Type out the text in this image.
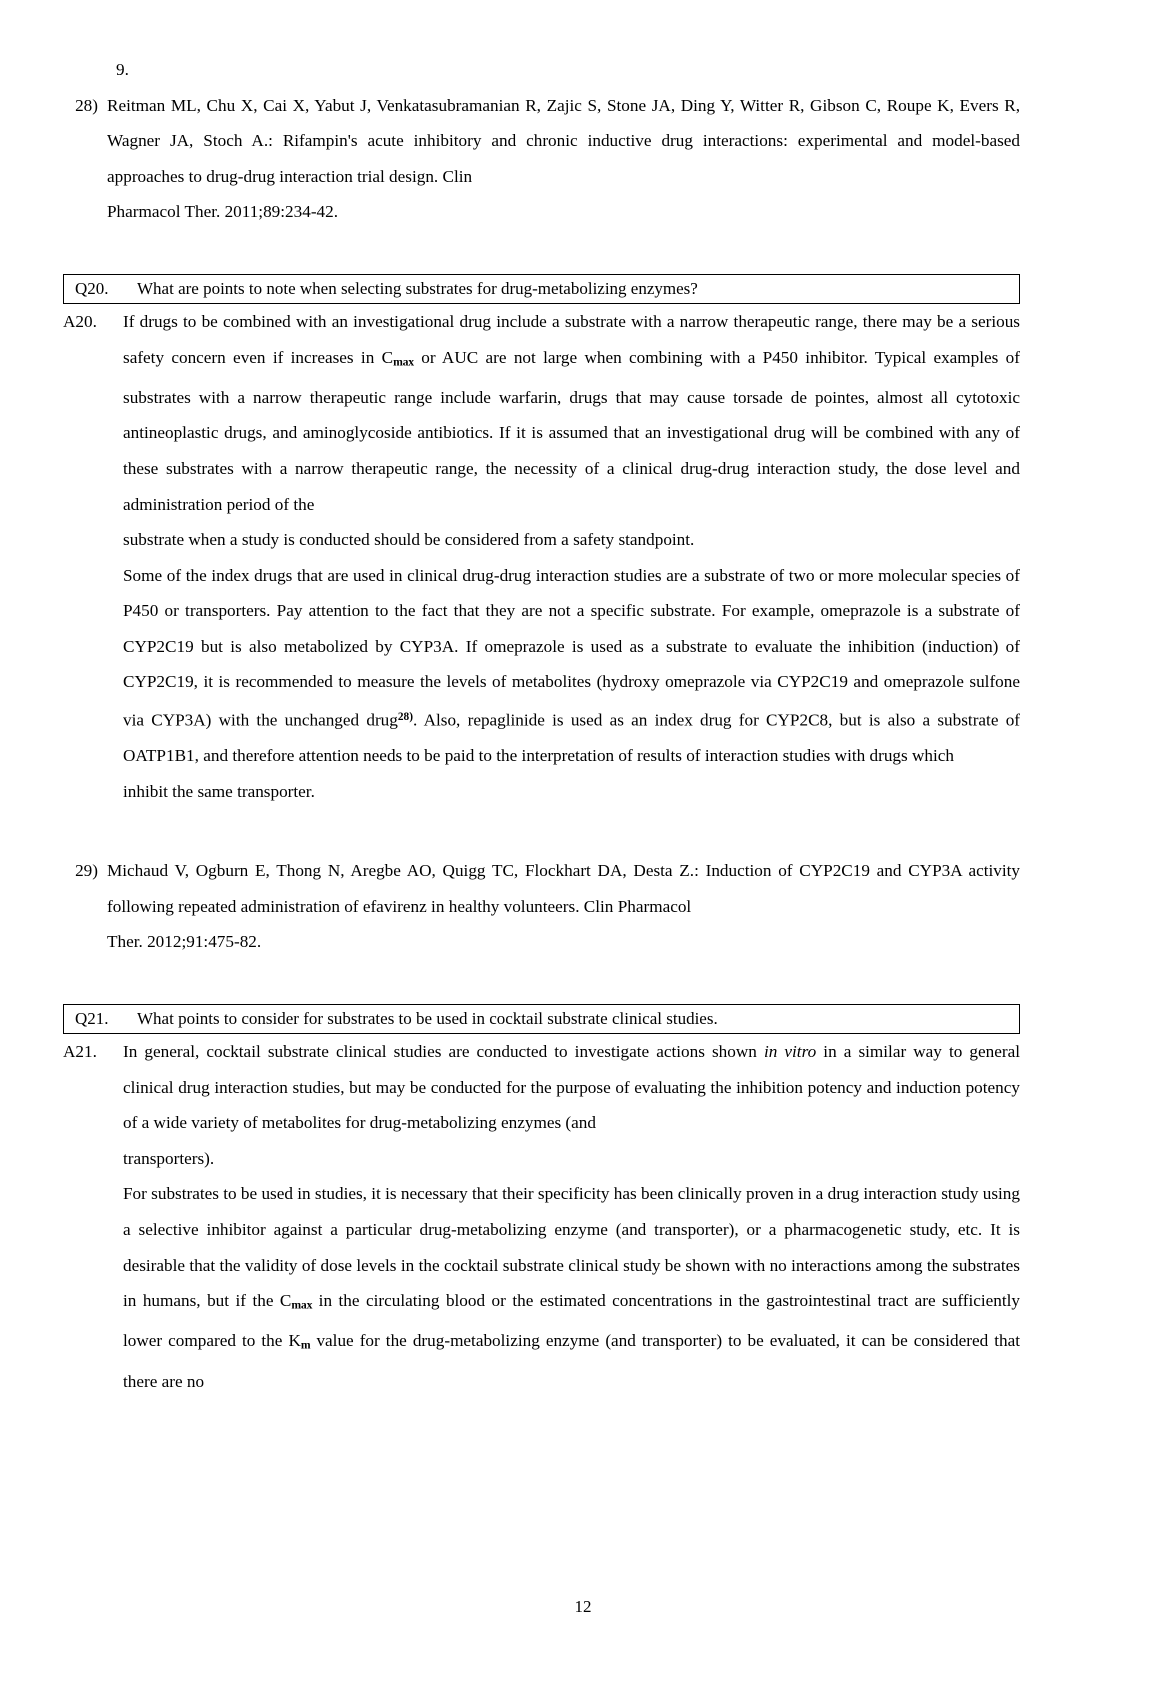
9.
28) Reitman ML, Chu X, Cai X, Yabut J, Venkatasubramanian R, Zajic S, Stone JA, Ding Y, Witter R, Gibson C, Roupe K, Evers R, Wagner JA, Stoch A.: Rifampin's acute inhibitory and chronic inductive drug interactions: experimental and model-based approaches to drug-drug interaction trial design. Clin
Pharmacol Ther. 2011;89:234-42.
Q20.	What are points to note when selecting substrates for drug-metabolizing enzymes?
A20.	If drugs to be combined with an investigational drug include a substrate with a narrow therapeutic range, there may be a serious safety concern even if increases in $C_{max}$ or AUC are not large when combining with a P450 inhibitor. Typical examples of substrates with a narrow therapeutic range include warfarin, drugs that may cause torsade de pointes, almost all cytotoxic antineoplastic drugs, and aminoglycoside antibiotics. If it is assumed that an investigational drug will be combined with any of these substrates with a narrow therapeutic range, the necessity of a clinical drug-drug interaction study, the dose level and administration period of the
substrate when a study is conducted should be considered from a safety standpoint.

Some of the index drugs that are used in clinical drug-drug interaction studies are a substrate of two or more molecular species of P450 or transporters. Pay attention to the fact that they are not a specific substrate. For example, omeprazole is a substrate of CYP2C19 but is also metabolized by CYP3A. If omeprazole is used as a substrate to evaluate the inhibition (induction) of CYP2C19, it is recommended to measure the levels of metabolites (hydroxy omeprazole via CYP2C19 and omeprazole sulfone via CYP3A) with the unchanged drug$^{28)}$. Also, repaglinide is used as an index drug for CYP2C8, but is also a substrate of OATP1B1, and therefore attention needs to be paid to the interpretation of results of interaction studies with drugs which
inhibit the same transporter.

29) Michaud V, Ogburn E, Thong N, Aregbe AO, Quigg TC, Flockhart DA, Desta Z.: Induction of CYP2C19 and CYP3A activity following repeated administration of efavirenz in healthy volunteers. Clin Pharmacol
Ther. 2012;91:475-82.
Q21.	What points to consider for substrates to be used in cocktail substrate clinical studies.
A21.	In general, cocktail substrate clinical studies are conducted to investigate actions shown in vitro in a similar way to general clinical drug interaction studies, but may be conducted for the purpose of evaluating the inhibition potency and induction potency of a wide variety of metabolites for drug-metabolizing enzymes (and
transporters).

For substrates to be used in studies, it is necessary that their specificity has been clinically proven in a drug interaction study using a selective inhibitor against a particular drug-metabolizing enzyme (and transporter), or a pharmacogenetic study, etc. It is desirable that the validity of dose levels in the cocktail substrate clinical study be shown with no interactions among the substrates in humans, but if the $C_{max}$ in the circulating blood or the estimated concentrations in the gastrointestinal tract are sufficiently lower compared to the $K_m$ value for the drug-metabolizing enzyme (and transporter) to be evaluated, it can be considered that there are no

12
